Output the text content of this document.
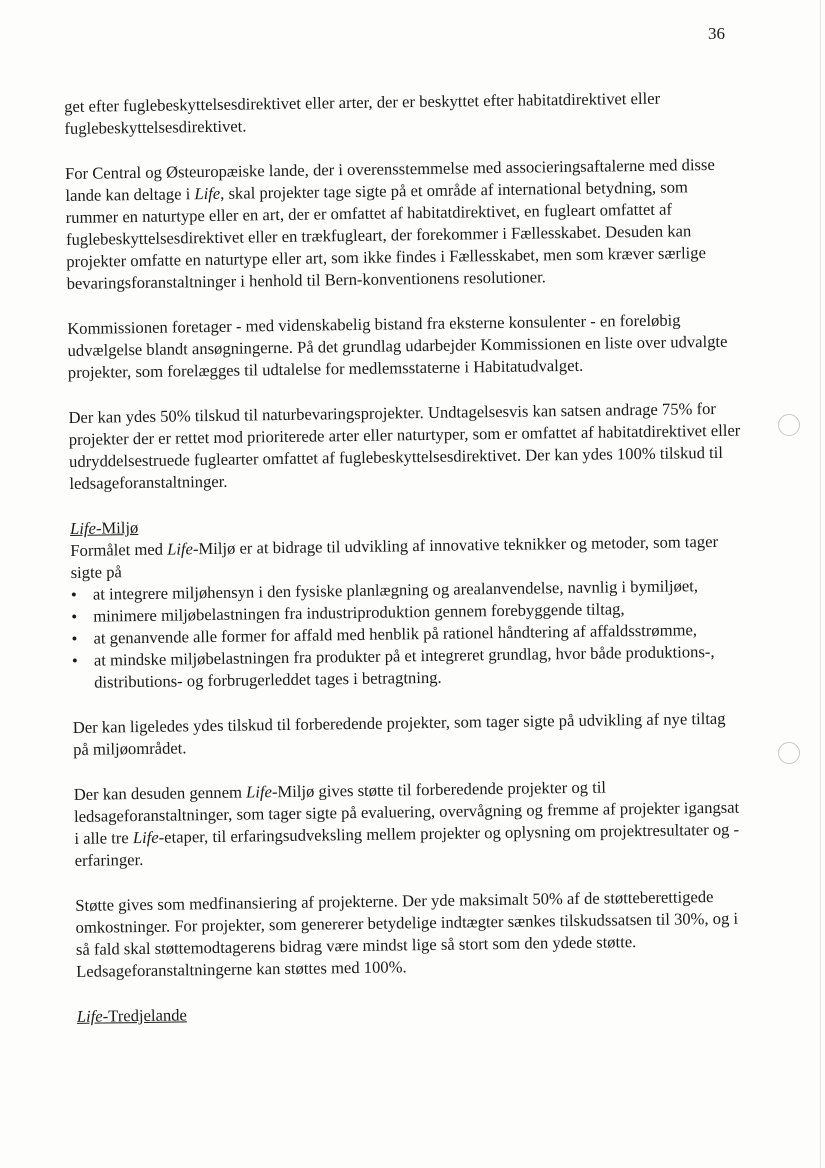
36

get efter fuglebeskyttelsesdirektivet eller arter, der er beskyttet efter habitatdirektivet eller fuglebeskyttelsesdirektivet.

For Central og Østeuropæiske lande, der i overensstemmelse med associeringsaftalerne med disse lande kan deltage i Life, skal projekter tage sigte på et område af international betydning, som rummer en naturtype eller en art, der er omfattet af habitatdirektivet, en fugleart omfattet af fuglebeskyttelsesdirektivet eller en trækfugleart, der forekommer i Fællesskabet. Desuden kan projekter omfatte en naturtype eller art, som ikke findes i Fællesskabet, men som kræver særlige bevaringsforanstaltninger i henhold til Bern-konventionens resolutioner.

Kommissionen foretager - med videnskabelig bistand fra eksterne konsulenter - en foreløbig udvælgelse blandt ansøgningerne. På det grundlag udarbejder Kommissionen en liste over udvalgte projekter, som forelægges til udtalelse for medlemsstaterne i Habitatudvalget.

Der kan ydes 50% tilskud til naturbevaringsprojekter. Undtagelsesvis kan satsen andrage 75% for projekter der er rettet mod prioriterede arter eller naturtyper, som er omfattet af habitatdirektivet eller udryddelsestruede fuglearter omfattet af fuglebeskyttelsesdirektivet. Der kan ydes 100% tilskud til ledsageforanstaltninger.

Life-Miljø

Formålet med Life-Miljø er at bidrage til udvikling af innovative teknikker og metoder, som tager sigte på

• at integrere miljøhensyn i den fysiske planlægning og arealanvendelse, navnlig i bymiljøet,
• minimere miljøbelastningen fra industriproduktion gennem forebyggende tiltag,
• at genanvende alle former for affald med henblik på rationel håndtering af affaldsstrømme,
• at mindske miljøbelastningen fra produkter på et integreret grundlag, hvor både produktions-, distributions- og forbrugerleddet tages i betragtning.

Der kan ligeledes ydes tilskud til forberedende projekter, som tager sigte på udvikling af nye tiltag på miljøområdet.

Der kan desuden gennem Life-Miljø gives støtte til forberedende projekter og til ledsageforanstaltninger, som tager sigte på evaluering, overvågning og fremme af projekter igangsat i alle tre Life-etaper, til erfaringsudveksling mellem projekter og oplysning om projektresultater og -erfaringer.

Støtte gives som medfinansiering af projekterne. Der yde maksimalt 50% af de støtteberettigede omkostninger. For projekter, som genererer betydelige indtægter sænkes tilskudssatsen til 30%, og i så fald skal støttemodtagerens bidrag være mindst lige så stort som den ydede støtte. Ledsageforanstaltningerne kan støttes med 100%.

Life-Tredjelande
